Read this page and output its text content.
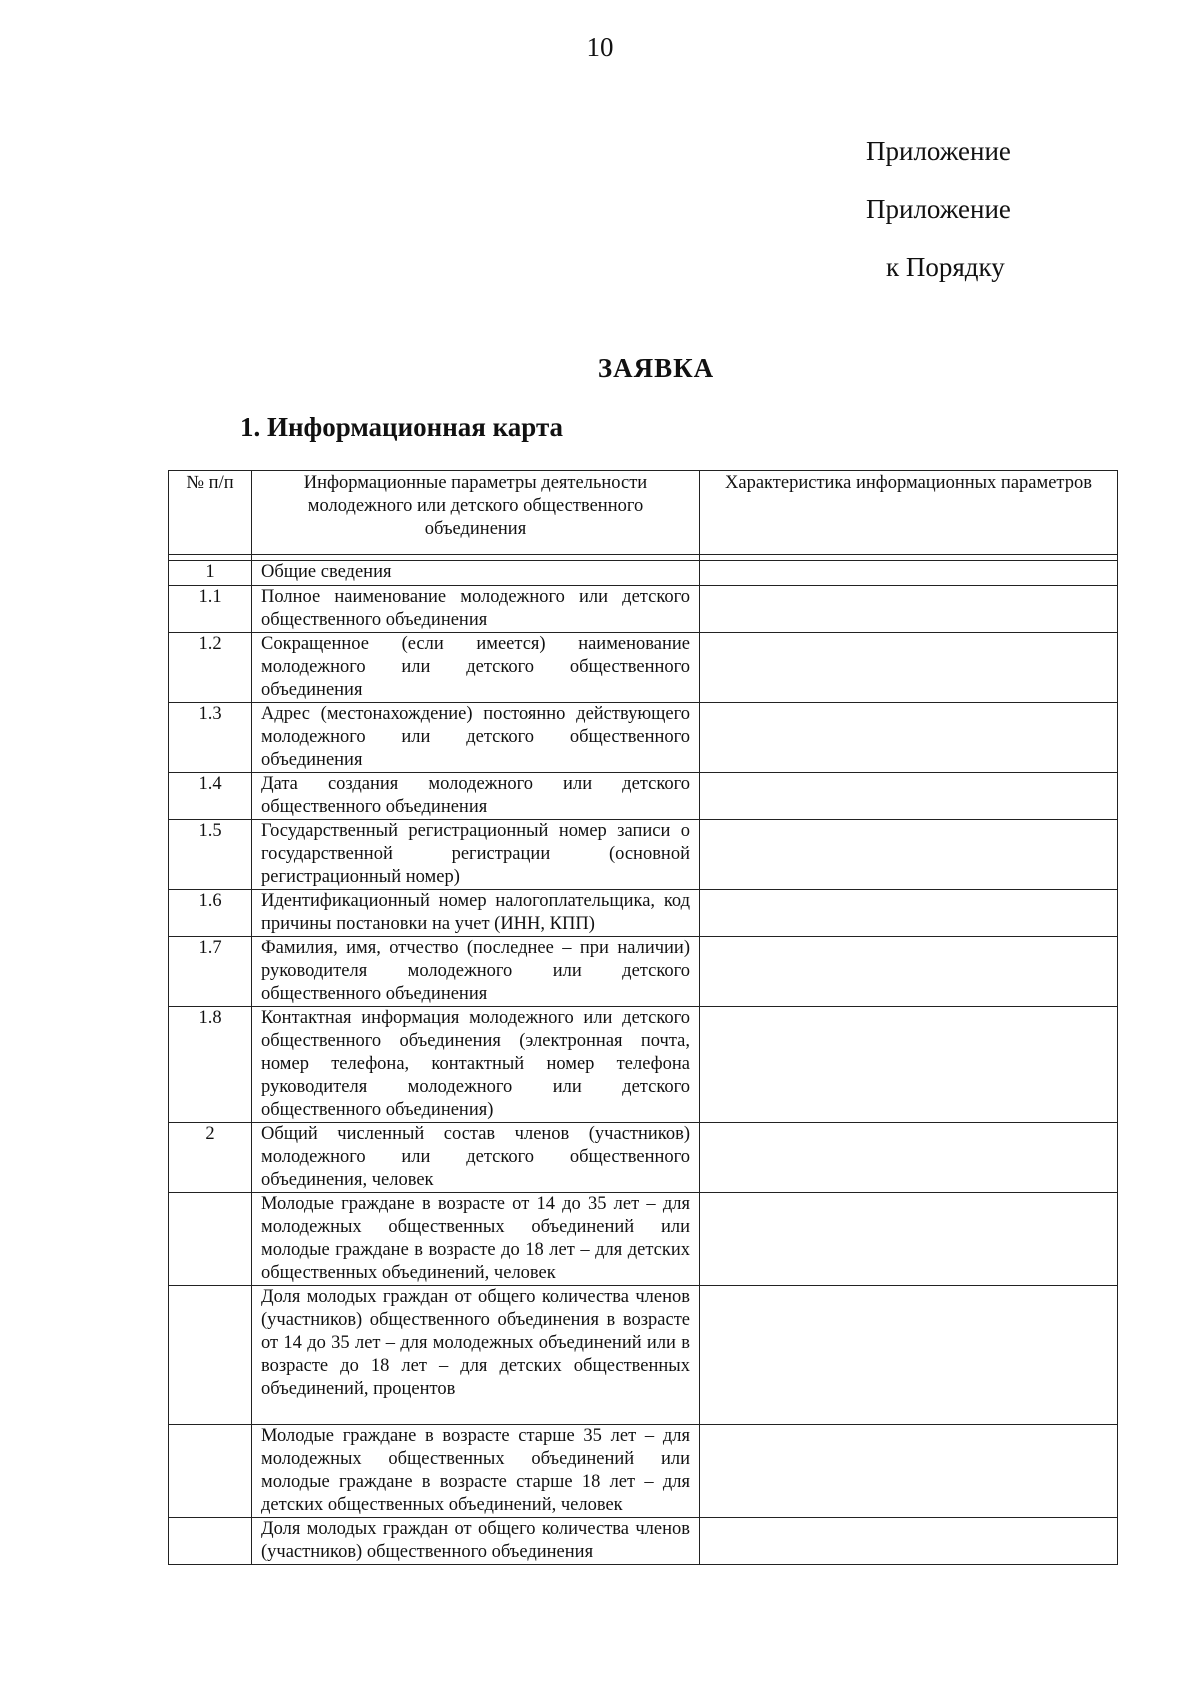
10
Приложение
Приложение
к Порядку
ЗАЯВКА
1. Информационная карта
№ п/п	Информационные параметры деятельности молодежного или детского общественного объединения	Характеристика информационных параметров

1	Общие сведения	
1.1	Полное наименование молодежного или детского общественного объединения	
1.2	Сокращенное (если имеется) наименование молодежного или детского общественного объединения	
1.3	Адрес (местонахождение) постоянно действующего молодежного или детского общественного объединения	
1.4	Дата создания молодежного или детского общественного объединения	
1.5	Государственный регистрационный номер записи о государственной регистрации (основной регистрационный номер)	
1.6	Идентификационный номер налогоплательщика, код причины постановки на учет (ИНН, КПП)	
1.7	Фамилия, имя, отчество (последнее – при наличии) руководителя молодежного или детского общественного объединения	
1.8	Контактная информация молодежного или детского общественного объединения (электронная почта, номер телефона, контактный номер телефона руководителя молодежного или детского общественного объединения)	
2	Общий численный состав членов (участников) молодежного или детского общественного объединения, человек	
	Молодые граждане в возрасте от 14 до 35 лет – для молодежных общественных объединений или молодые граждане в возрасте до 18 лет – для детских общественных объединений, человек	
	Доля молодых граждан от общего количества членов (участников) общественного объединения в возрасте от 14 до 35 лет – для молодежных объединений или в возрасте до 18 лет – для детских общественных объединений, процентов	
	Молодые граждане в возрасте старше 35 лет – для молодежных общественных объединений или молодые граждане в возрасте старше 18 лет – для детских общественных объединений, человек	
	Доля молодых граждан от общего количества членов (участников) общественного объединения	
